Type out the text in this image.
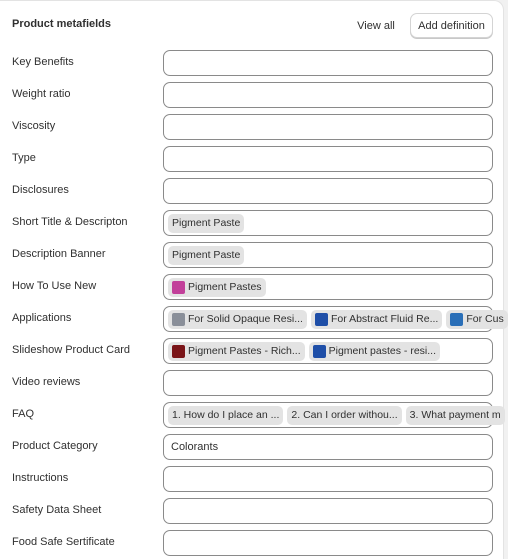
Product metafields	View all	Add definition
Key Benefits
Weight ratio
Viscosity
Type
Disclosures
Short Title & Descripton	Pigment Paste
Description Banner	Pigment Paste
How To Use New	Pigment Pastes
Applications	For Solid Opaque Resi...	For Abstract Fluid Re...	For Cus
Slideshow Product Card	Pigment Pastes - Rich...	Pigment pastes - resi...
Video reviews
FAQ	1. How do I place an ... 2. Can I order withou... 3. What payment m
Product Category	Colorants
Instructions
Safety Data Sheet
Food Safe Sertificate
